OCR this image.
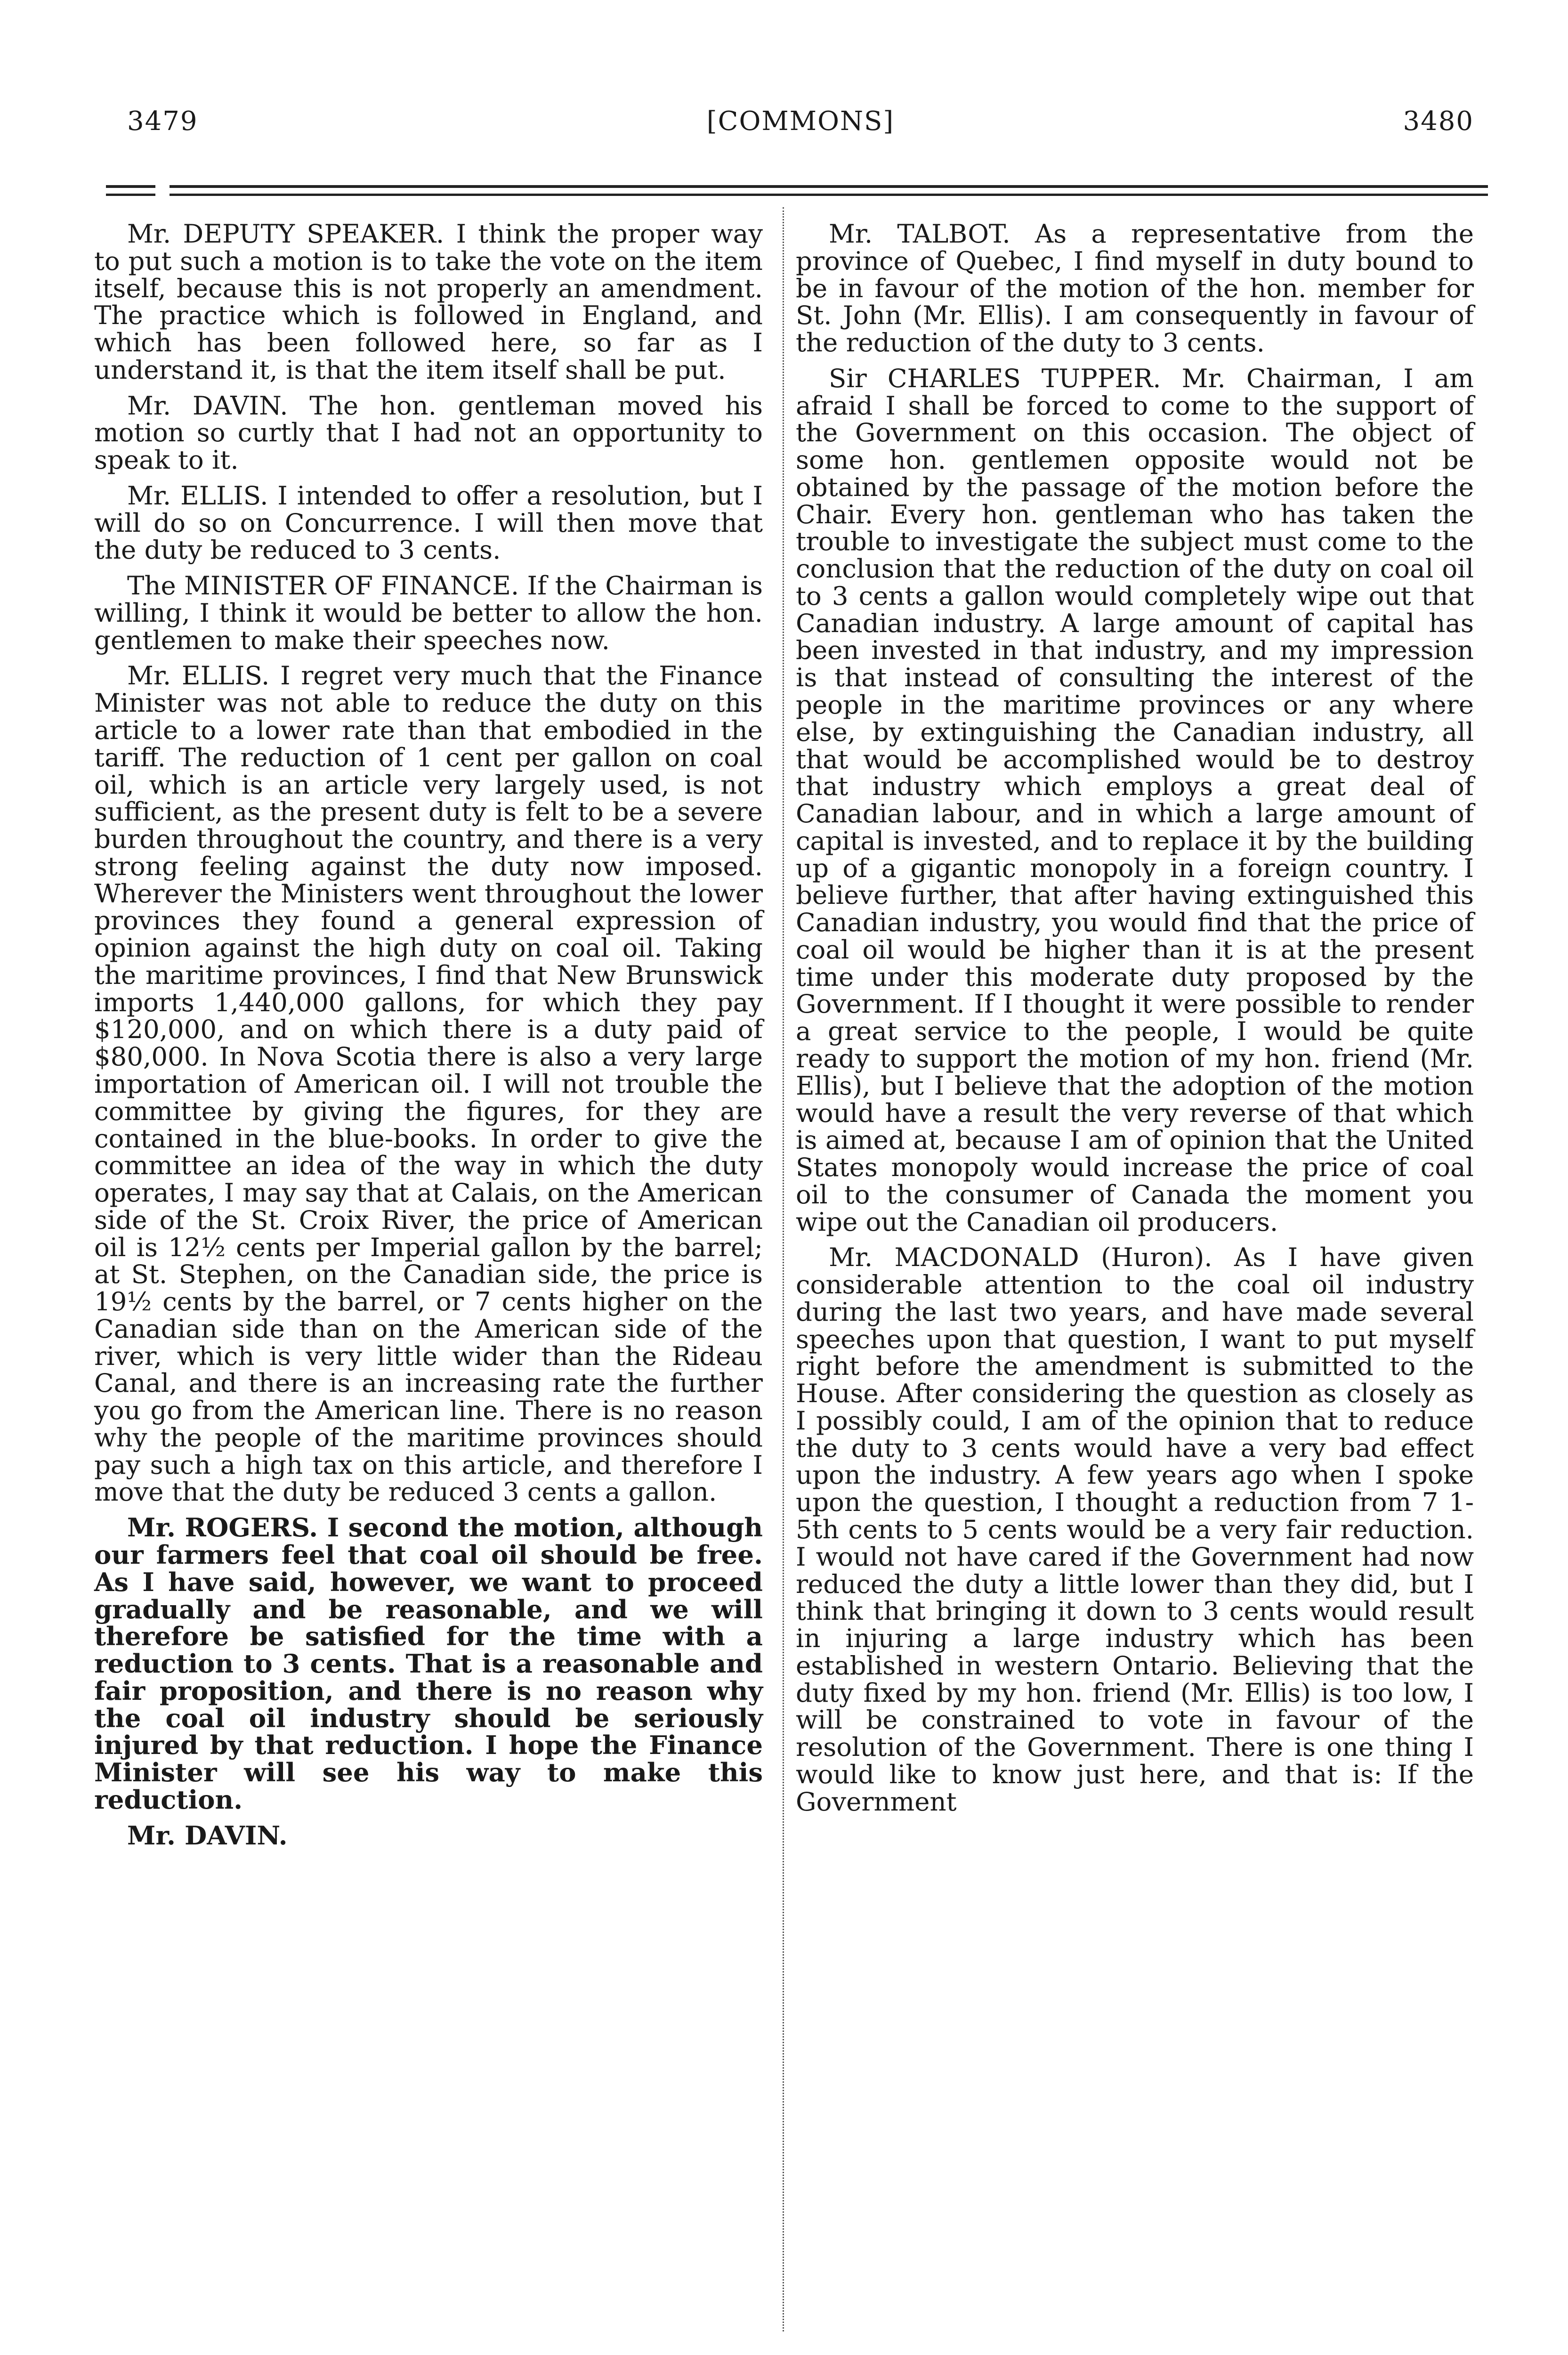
3479	[COMMONS]	3480

Mr. DEPUTY SPEAKER. I think the proper way to put such a motion is to take the vote on the item itself, because this is not properly an amendment. The practice which is followed in England, and which has been followed here, so far as I understand it, is that the item itself shall be put.

Mr. DAVIN. The hon. gentleman moved his motion so curtly that I had not an opportunity to speak to it.

Mr. ELLIS. I intended to offer a resolution, but I will do so on Concurrence. I will then move that the duty be reduced to 3 cents.

The MINISTER OF FINANCE. If the Chairman is willing, I think it would be better to allow the hon. gentlemen to make their speeches now.

Mr. ELLIS. I regret very much that the Finance Minister was not able to reduce the duty on this article to a lower rate than that embodied in the tariff. The reduction of 1 cent per gallon on coal oil, which is an article very largely used, is not sufficient, as the present duty is felt to be a severe burden throughout the country, and there is a very strong feeling against the duty now imposed. Wherever the Ministers went throughout the lower provinces they found a general expression of opinion against the high duty on coal oil. Taking the maritime provinces, I find that New Brunswick imports 1,440,000 gallons, for which they pay $120,000, and on which there is a duty paid of $80,000. In Nova Scotia there is also a very large importation of American oil. I will not trouble the committee by giving the figures, for they are contained in the blue-books. In order to give the committee an idea of the way in which the duty operates, I may say that at Calais, on the American side of the St. Croix River, the price of American oil is 12½ cents per Imperial gallon by the barrel; at St. Stephen, on the Canadian side, the price is 19½ cents by the barrel, or 7 cents higher on the Canadian side than on the American side of the river, which is very little wider than the Rideau Canal, and there is an increasing rate the further you go from the American line. There is no reason why the people of the maritime provinces should pay such a high tax on this article, and therefore I move that the duty be reduced 3 cents a gallon.

Mr. ROGERS. I second the motion, although our farmers feel that coal oil should be free. As I have said, however, we want to proceed gradually and be reasonable, and we will therefore be satisfied for the time with a reduction to 3 cents. That is a reasonable and fair proposition, and there is no reason why the coal oil industry should be seriously injured by that reduction. I hope the Finance Minister will see his way to make this reduction.

Mr. DAVIN.

Mr. TALBOT. As a representative from the province of Quebec, I find myself in duty bound to be in favour of the motion of the hon. member for St. John (Mr. Ellis). I am consequently in favour of the reduction of the duty to 3 cents.

Sir CHARLES TUPPER. Mr. Chairman, I am afraid I shall be forced to come to the support of the Government on this occasion. The object of some hon. gentlemen opposite would not be obtained by the passage of the motion before the Chair. Every hon. gentleman who has taken the trouble to investigate the subject must come to the conclusion that the reduction of the duty on coal oil to 3 cents a gallon would completely wipe out that Canadian industry. A large amount of capital has been invested in that industry, and my impression is that instead of consulting the interest of the people in the maritime provinces or any where else, by extinguishing the Canadian industry, all that would be accomplished would be to destroy that industry which employs a great deal of Canadian labour, and in which a large amount of capital is invested, and to replace it by the building up of a gigantic monopoly in a foreign country. I believe further, that after having extinguished this Canadian industry, you would find that the price of coal oil would be higher than it is at the present time under this moderate duty proposed by the Government. If I thought it were possible to render a great service to the people, I would be quite ready to support the motion of my hon. friend (Mr. Ellis), but I believe that the adoption of the motion would have a result the very reverse of that which is aimed at, because I am of opinion that the United States monopoly would increase the price of coal oil to the consumer of Canada the moment you wipe out the Canadian oil producers.

Mr. MACDONALD (Huron). As I have given considerable attention to the coal oil industry during the last two years, and have made several speeches upon that question, I want to put myself right before the amendment is submitted to the House. After considering the question as closely as I possibly could, I am of the opinion that to reduce the duty to 3 cents would have a very bad effect upon the industry. A few years ago when I spoke upon the question, I thought a reduction from 7 1-5th cents to 5 cents would be a very fair reduction. I would not have cared if the Government had now reduced the duty a little lower than they did, but I think that bringing it down to 3 cents would result in injuring a large industry which has been established in western Ontario. Believing that the duty fixed by my hon. friend (Mr. Ellis) is too low, I will be constrained to vote in favour of the resolution of the Government. There is one thing I would like to know just here, and that is: If the Government
